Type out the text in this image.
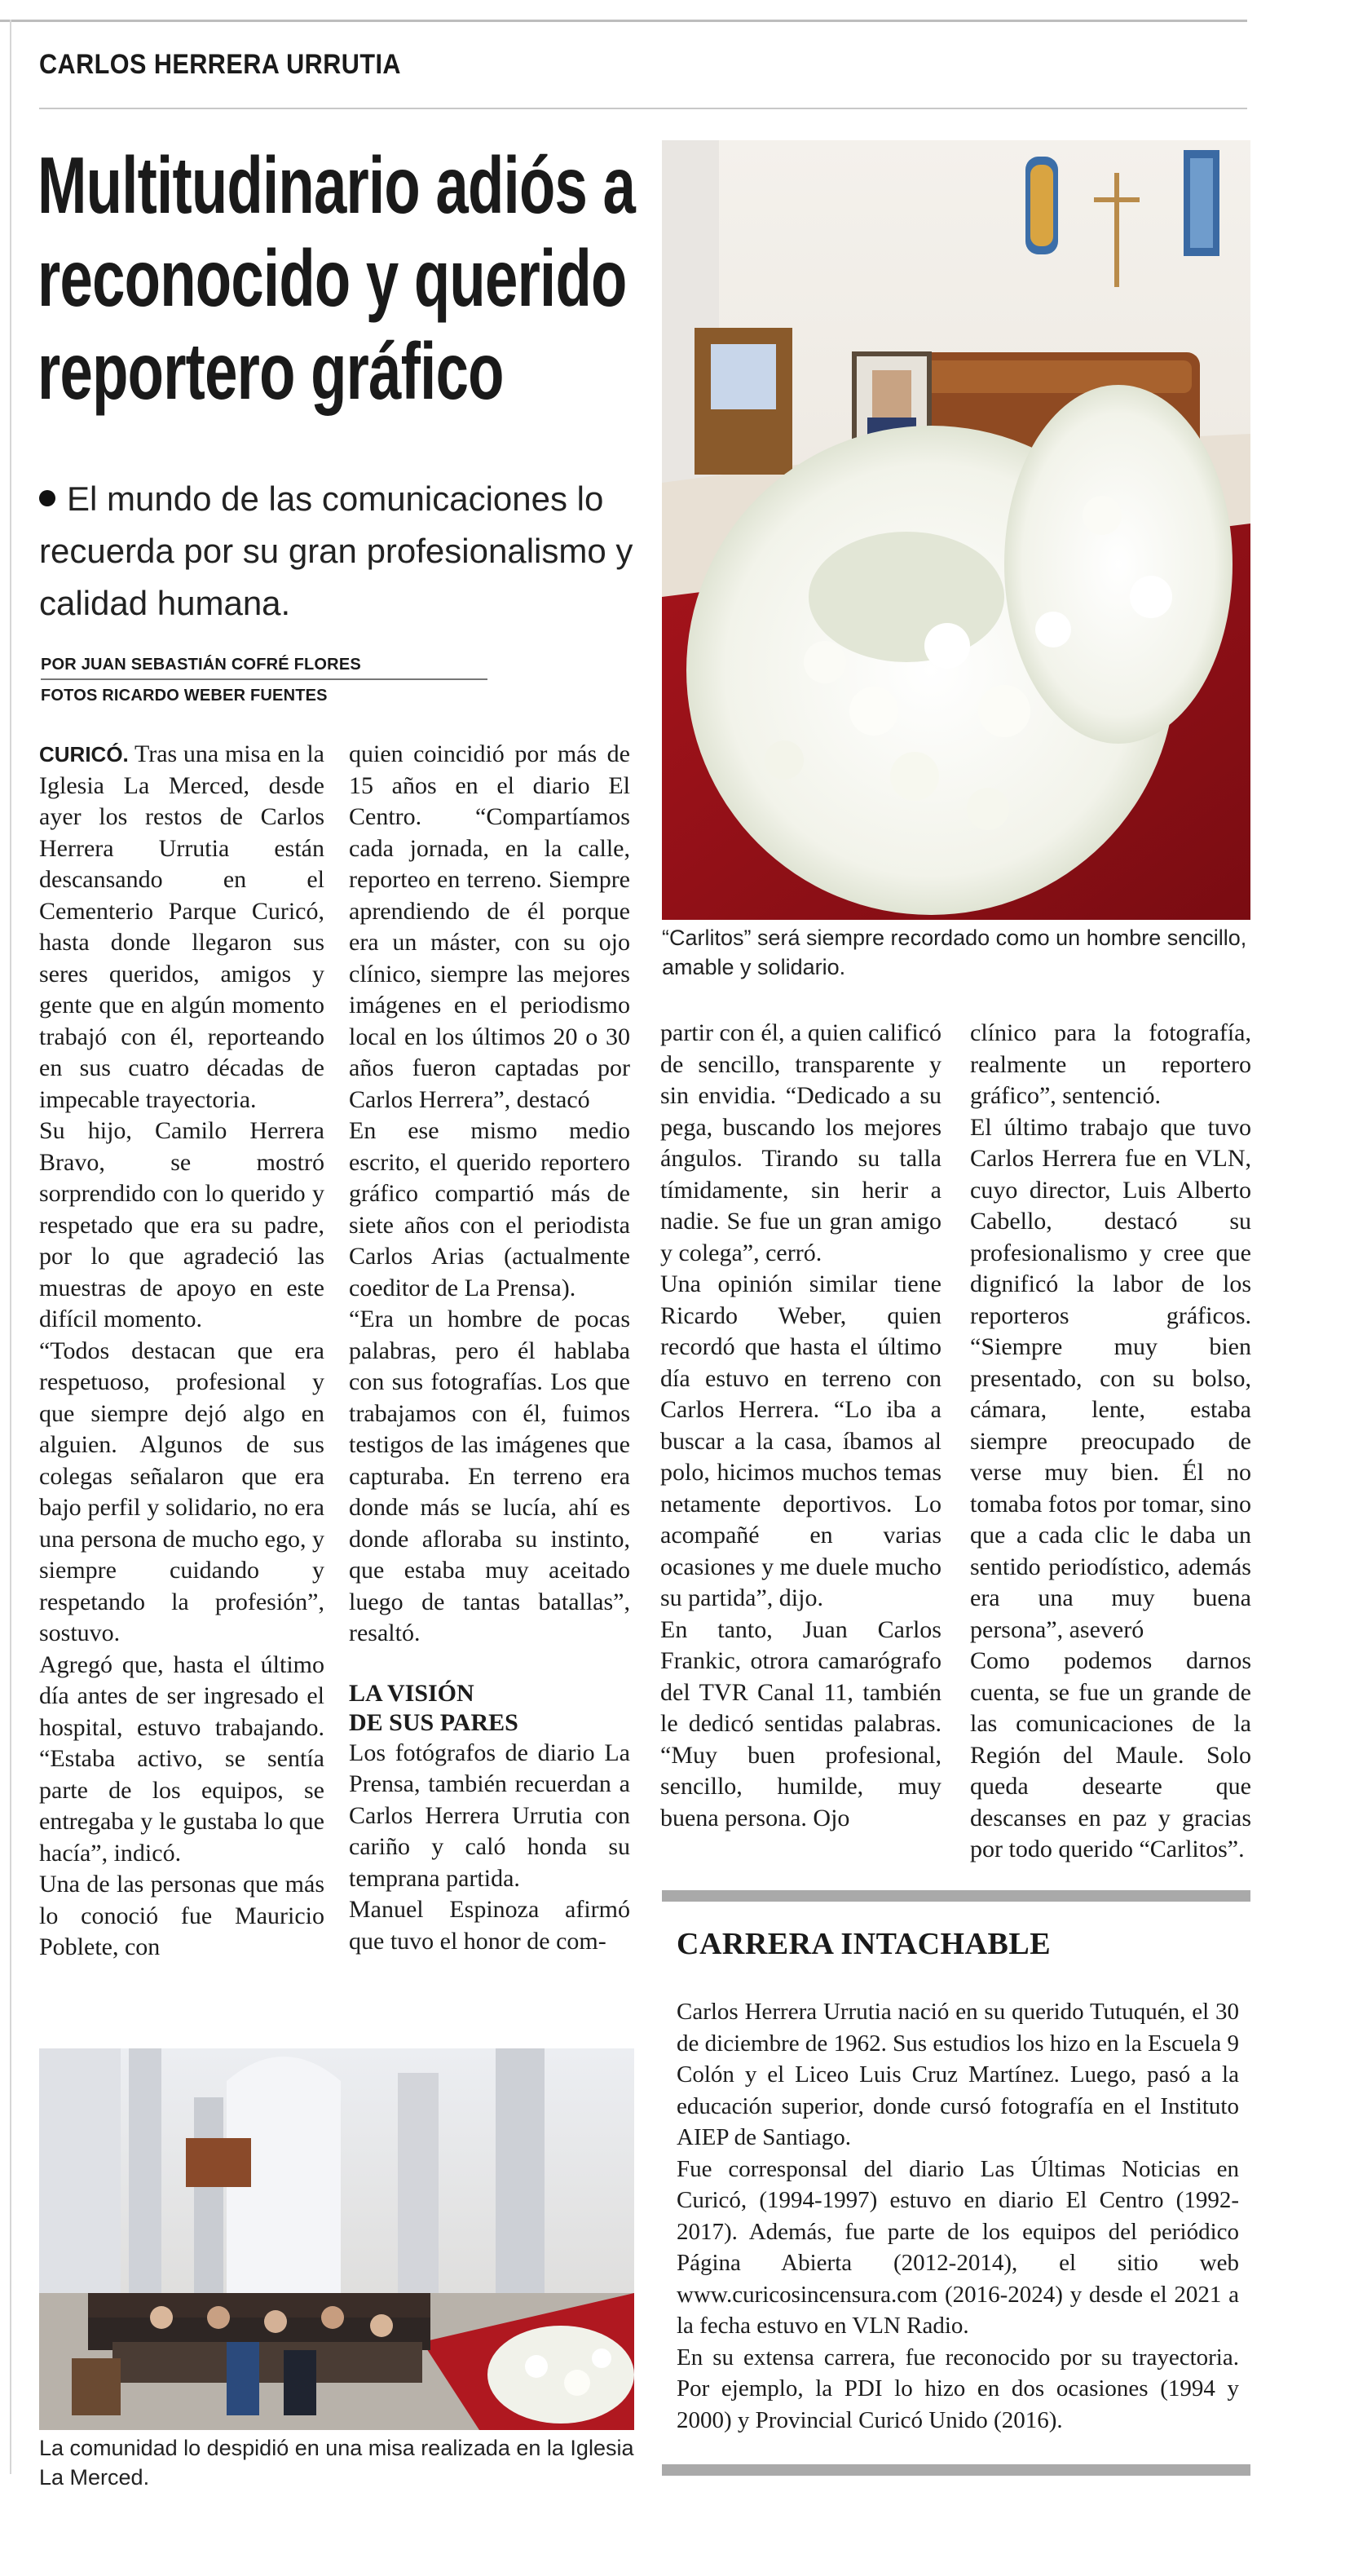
CARLOS HERRERA URRUTIA
Multitudinario adiós a
reconocido y querido
reportero gráfico
El mundo de las comunicaciones lo recuerda por su gran profesionalismo y calidad humana.
POR JUAN SEBASTIÁN COFRÉ FLORES
FOTOS RICARDO WEBER FUENTES
“Carlitos” será siempre recordado como un hombre sencillo, amable y solidario.

CURICÓ. Tras una misa en la Iglesia La Merced, desde ayer los restos de Carlos Herrera Urrutia están descansando en el Cementerio Parque Curicó, hasta donde llegaron sus seres queridos, amigos y gente que en algún momento trabajó con él, reporteando en sus cuatro décadas de impecable trayectoria.

Su hijo, Camilo Herrera Bravo, se mostró sorprendido con lo querido y respetado que era su padre, por lo que agradeció las muestras de apoyo en este difícil momento.

“Todos destacan que era respetuoso, profesional y que siempre dejó algo en alguien. Algunos de sus colegas señalaron que era bajo perfil y solidario, no era una persona de mucho ego, y siempre cuidando y respetando la profesión”, sostuvo.

Agregó que, hasta el último día antes de ser ingresado el hospital, estuvo trabajando. “Estaba activo, se sentía parte de los equipos, se entregaba y le gustaba lo que hacía”, indicó.

Una de las personas que más lo conoció fue Mauricio Poblete, con

quien coincidió por más de 15 años en el diario El Centro. “Compartíamos cada jornada, en la calle, reporteo en terreno. Siempre aprendiendo de él porque era un máster, con su ojo clínico, siempre las mejores imágenes en el periodismo local en los últimos 20 o 30 años fueron captadas por Carlos Herrera”, destacó

En ese mismo medio escrito, el querido reportero gráfico compartió más de siete años con el periodista Carlos Arias (actualmente coeditor de La Prensa).

“Era un hombre de pocas palabras, pero él hablaba con sus fotografías. Los que trabajamos con él, fuimos testigos de las imágenes que capturaba. En terreno era donde más se lucía, ahí es donde afloraba su instinto, que estaba muy aceitado luego de tantas batallas”, resaltó.

LA VISIÓN

DE SUS PARES

Los fotógrafos de diario La Prensa, también recuerdan a Carlos Herrera Urrutia con cariño y caló honda su temprana partida.

Manuel Espinoza afirmó que tuvo el honor de com-

partir con él, a quien calificó de sencillo, transparente y sin envidia. “Dedicado a su pega, buscando los mejores ángulos. Tirando su talla tímidamente, sin herir a nadie. Se fue un gran amigo y colega”, cerró.

Una opinión similar tiene Ricardo Weber, quien recordó que hasta el último día estuvo en terreno con Carlos Herrera. “Lo iba a buscar a la casa, íbamos al polo, hicimos muchos temas netamente deportivos. Lo acompañé en varias ocasiones y me duele mucho su partida”, dijo.

En tanto, Juan Carlos Frankic, otrora camarógrafo del TVR Canal 11, también le dedicó sentidas palabras. “Muy buen profesional, sencillo, humilde, muy buena persona. Ojo

clínico para la fotografía, realmente un reportero gráfico”, sentenció.

El último trabajo que tuvo Carlos Herrera fue en VLN, cuyo director, Luis Alberto Cabello, destacó su profesionalismo y cree que dignificó la labor de los reporteros gráficos. “Siempre muy bien presentado, con su bolso, cámara, lente, estaba siempre preocupado de verse muy bien. Él no tomaba fotos por tomar, sino que a cada clic le daba un sentido periodístico, además era una muy buena persona”, aseveró

Como podemos darnos cuenta, se fue un grande de las comunicaciones de la Región del Maule. Solo queda desearte que descanses en paz y gracias por todo querido “Carlitos”.

La comunidad lo despidió en una misa realizada en la Iglesia La Merced.
CARRERA INTACHABLE

Carlos Herrera Urrutia nació en su querido Tutuquén, el 30 de diciembre de 1962. Sus estudios los hizo en la Escuela 9 Colón y el Liceo Luis Cruz Martínez. Luego, pasó a la educación superior, donde cursó fotografía en el Instituto AIEP de Santiago.

Fue corresponsal del diario Las Últimas Noticias en Curicó, (1994-1997) estuvo en diario El Centro (1992-2017). Además, fue parte de los equipos del periódico Página Abierta (2012-2014), el sitio web www.curicosincensura.com (2016-2024) y desde el 2021 a la fecha estuvo en VLN Radio.

En su extensa carrera, fue reconocido por su trayectoria. Por ejemplo, la PDI lo hizo en dos ocasiones (1994 y 2000) y Provincial Curicó Unido (2016).
